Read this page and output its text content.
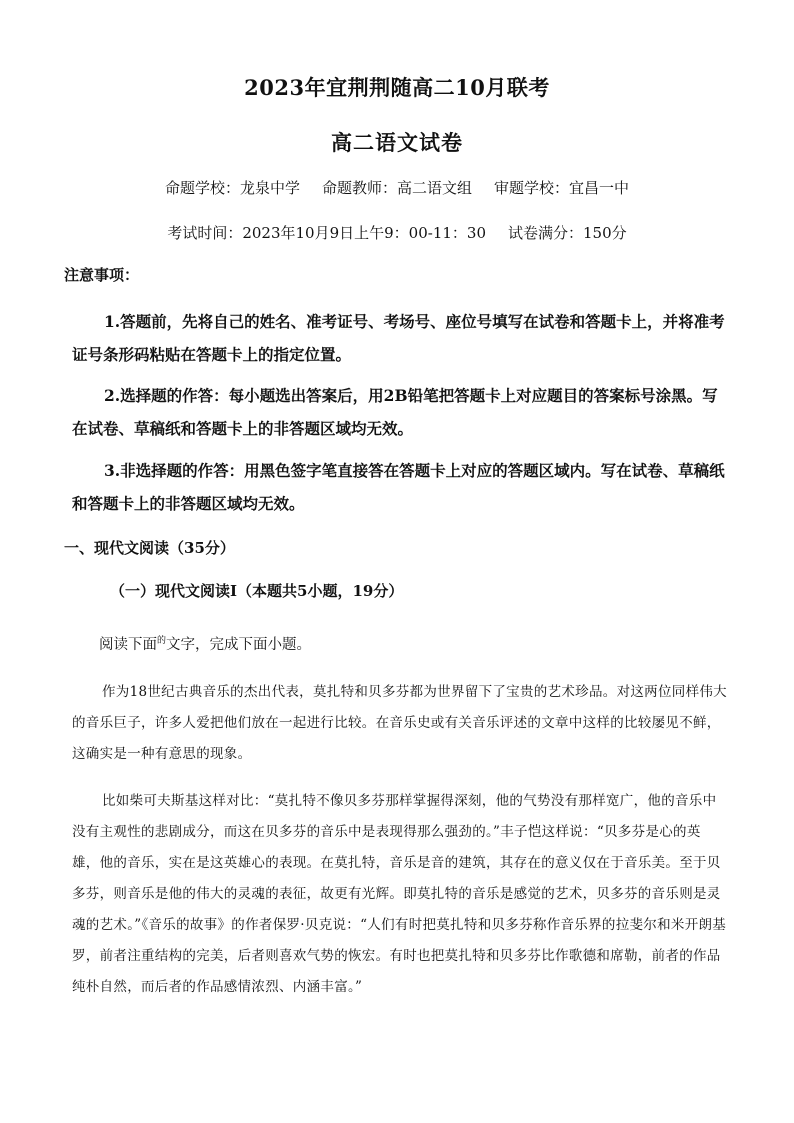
2023年宜荆荆随高二10月联考
高二语文试卷
命题学校：龙泉中学 命题教师：高二语文组 审题学校：宜昌一中
考试时间：2023年10月9日上午9：00-11：30 试卷满分：150分
注意事项：

1.答题前，先将自己的姓名、准考证号、考场号、座位号填写在试卷和答题卡上，并将准考证号条形码粘贴在答题卡上的指定位置。

2.选择题的作答：每小题选出答案后，用2B铅笔把答题卡上对应题目的答案标号涂黑。写在试卷、草稿纸和答题卡上的非答题区域均无效。

3.非选择题的作答：用黑色签字笔直接答在答题卡上对应的答题区域内。写在试卷、草稿纸和答题卡上的非答题区域均无效。

一、现代文阅读（35分）
（一）现代文阅读Ⅰ（本题共5小题，19分）
阅读下面$^的$文字，完成下面小题。

作为18世纪古典音乐的杰出代表，莫扎特和贝多芬都为世界留下了宝贵的艺术珍品。对这两位同样伟大的音乐巨子，许多人爱把他们放在一起进行比较。在音乐史或有关音乐评述的文章中这样的比较屡见不鲜，这确实是一种有意思的现象。

比如柴可夫斯基这样对比：“莫扎特不像贝多芬那样掌握得深刻，他的气势没有那样宽广，他的音乐中没有主观性的悲剧成分，而这在贝多芬的音乐中是表现得那么强劲的。”丰子恺这样说：“贝多芬是心的英雄，他的音乐，实在是这英雄心的表现。在莫扎特，音乐是音的建筑，其存在的意义仅在于音乐美。至于贝多芬，则音乐是他的伟大的灵魂的表征，故更有光辉。即莫扎特的音乐是感觉的艺术，贝多芬的音乐则是灵魂的艺术。”《音乐的故事》的作者保罗·贝克说：“人们有时把莫扎特和贝多芬称作音乐界的拉斐尔和米开朗基罗，前者注重结构的完美，后者则喜欢气势的恢宏。有时也把莫扎特和贝多芬比作歌德和席勒，前者的作品纯朴自然，而后者的作品感情浓烈、内涵丰富。”
